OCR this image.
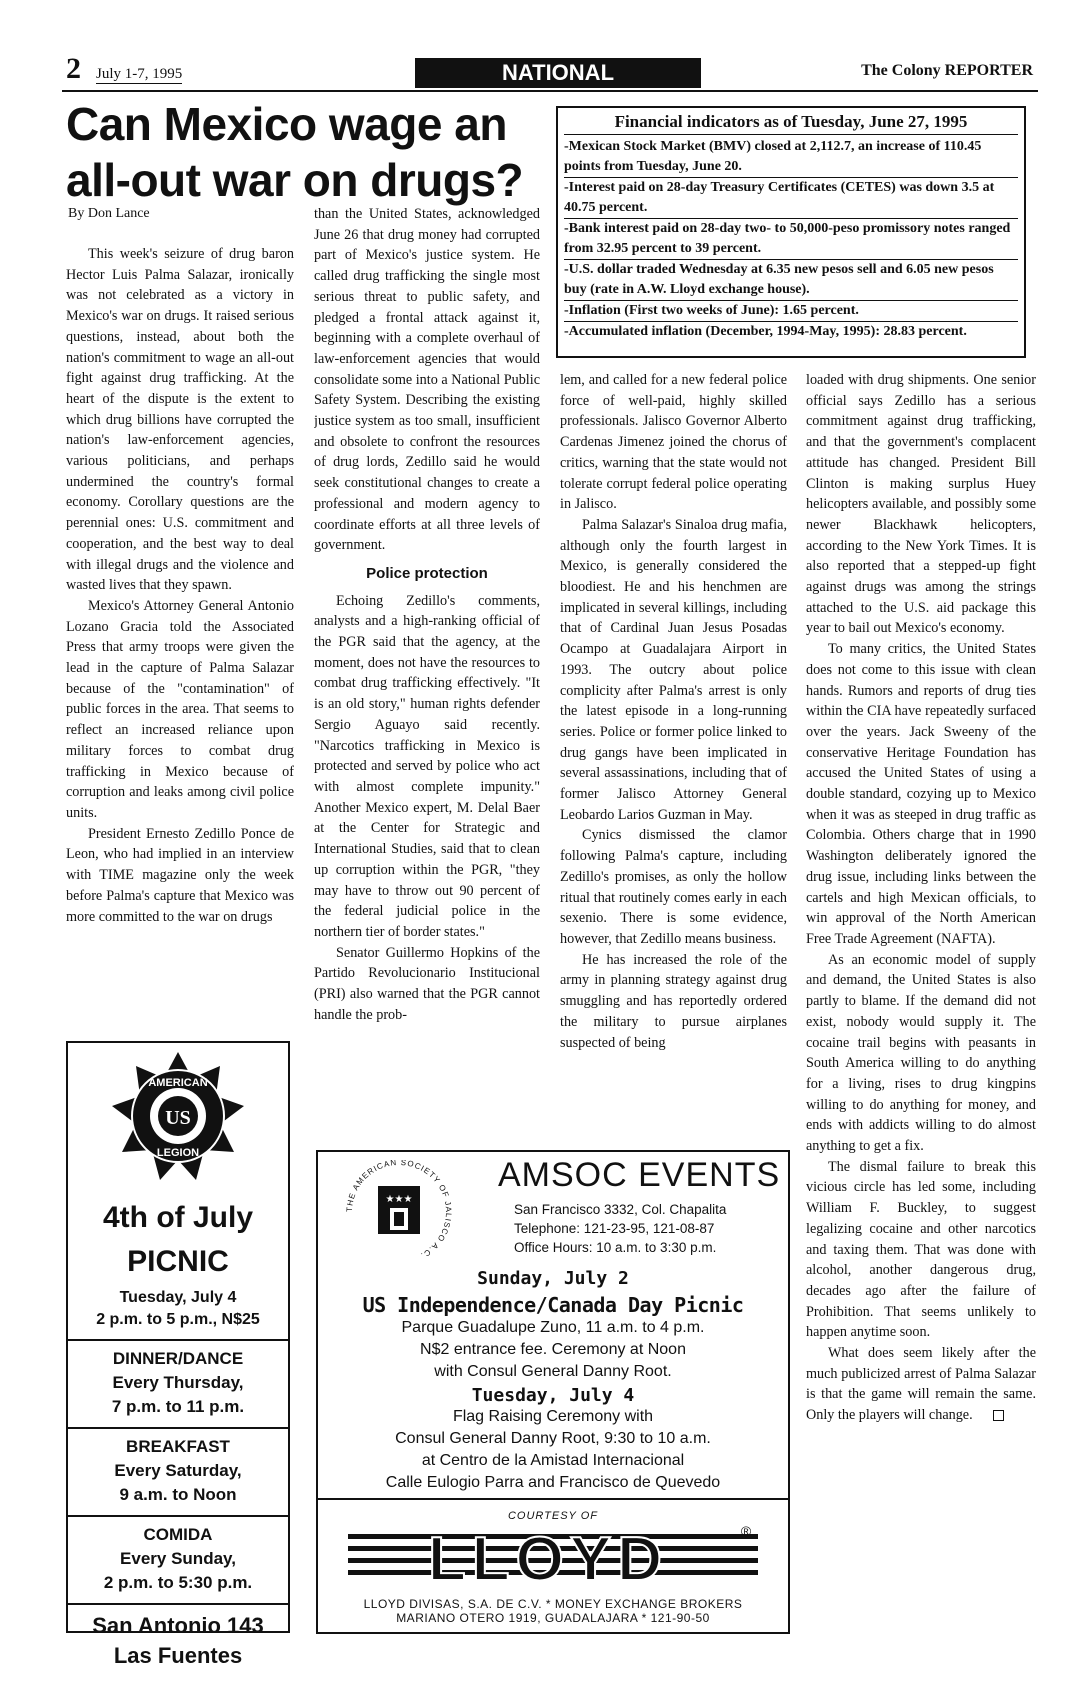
2 July 1-7, 1995	NATIONAL	The Colony REPORTER
Can Mexico wage an all-out war on drugs?
By Don Lance

This week's seizure of drug baron Hector Luis Palma Salazar, ironically was not celebrated as a victory in Mexico's war on drugs. It raised serious questions, instead, about both the nation's commitment to wage an all-out fight against drug trafficking. At the heart of the dispute is the extent to which drug billions have corrupted the nation's law-enforcement agencies, various politicians, and perhaps undermined the country's formal economy. Corollary questions are the perennial ones: U.S. commitment and cooperation, and the best way to deal with illegal drugs and the violence and wasted lives that they spawn.

Mexico's Attorney General Antonio Lozano Gracia told the Associated Press that army troops were given the lead in the capture of Palma Salazar because of the "contamination" of public forces in the area. That seems to reflect an increased reliance upon military forces to combat drug trafficking in Mexico because of corruption and leaks among civil police units.

President Ernesto Zedillo Ponce de Leon, who had implied in an interview with TIME magazine only the week before Palma's capture that Mexico was more committed to the war on drugs

than the United States, acknowledged June 26 that drug money had corrupted part of Mexico's justice system. He called drug trafficking the single most serious threat to public safety, and pledged a frontal attack against it, beginning with a complete overhaul of law-enforcement agencies that would consolidate some into a National Public Safety System. Describing the existing justice system as too small, insufficient and obsolete to confront the resources of drug lords, Zedillo said he would seek constitutional changes to create a professional and modern agency to coordinate efforts at all three levels of government.

Police protection

Echoing Zedillo's comments, analysts and a high-ranking official of the PGR said that the agency, at the moment, does not have the resources to combat drug trafficking effectively. "It is an old story," human rights defender Sergio Aguayo said recently. "Narcotics trafficking in Mexico is protected and served by police who act with almost complete impunity." Another Mexico expert, M. Delal Baer at the Center for Strategic and International Studies, said that to clean up corruption within the PGR, "they may have to throw out 90 percent of the federal judicial police in the northern tier of border states."

Senator Guillermo Hopkins of the Partido Revolucionario Institucional (PRI) also warned that the PGR cannot handle the prob-

Financial indicators as of Tuesday, June 27, 1995
-Mexican Stock Market (BMV) closed at 2,112.7, an increase of 110.45 points from Tuesday, June 20.
-Interest paid on 28-day Treasury Certificates (CETES) was down 3.5 at 40.75 percent.
-Bank interest paid on 28-day two- to 50,000-peso promissory notes ranged from 32.95 percent to 39 percent.
-U.S. dollar traded Wednesday at 6.35 new pesos sell and 6.05 new pesos buy (rate in A.W. Lloyd exchange house).
-Inflation (First two weeks of June): 1.65 percent.
-Accumulated inflation (December, 1994-May, 1995): 28.83 percent.

lem, and called for a new federal police force of well-paid, highly skilled professionals. Jalisco Governor Alberto Cardenas Jimenez joined the chorus of critics, warning that the state would not tolerate corrupt federal police operating in Jalisco.

Palma Salazar's Sinaloa drug mafia, although only the fourth largest in Mexico, is generally considered the bloodiest. He and his henchmen are implicated in several killings, including that of Cardinal Juan Jesus Posadas Ocampo at Guadalajara Airport in 1993. The outcry about police complicity after Palma's arrest is only the latest episode in a long-running series. Police or former police linked to drug gangs have been implicated in several assassinations, including that of former Jalisco Attorney General Leobardo Larios Guzman in May.

Cynics dismissed the clamor following Palma's capture, including Zedillo's promises, as only the hollow ritual that routinely comes early in each sexenio. There is some evidence, however, that Zedillo means business.

He has increased the role of the army in planning strategy against drug smuggling and has reportedly ordered the military to pursue airplanes suspected of being

loaded with drug shipments. One senior official says Zedillo has a serious commitment against drug trafficking, and that the government's complacent attitude has changed. President Bill Clinton is making surplus Huey helicopters available, and possibly some newer Blackhawk helicopters, according to the New York Times. It is also reported that a stepped-up fight against drugs was among the strings attached to the U.S. aid package this year to bail out Mexico's economy.

To many critics, the United States does not come to this issue with clean hands. Rumors and reports of drug ties within the CIA have repeatedly surfaced over the years. Jack Sweeny of the conservative Heritage Foundation has accused the United States of using a double standard, cozying up to Mexico when it was as steeped in drug traffic as Colombia. Others charge that in 1990 Washington deliberately ignored the drug issue, including links between the cartels and high Mexican officials, to win approval of the North American Free Trade Agreement (NAFTA).

As an economic model of supply and demand, the United States is also partly to blame. If the demand did not exist, nobody would supply it. The cocaine trail begins with peasants in South America willing to do anything for a living, rises to drug kingpins willing to do anything for money, and ends with addicts willing to do almost anything to get a fix.

The dismal failure to break this vicious circle has led some, including William F. Buckley, to suggest legalizing cocaine and other narcotics and taxing them. That was done with alcohol, another dangerous drug, decades ago after the failure of Prohibition. That seems unlikely to happen anytime soon.

What does seem likely after the much publicized arrest of Palma Salazar is that the game will remain the same. Only the players will change.

US
AMERICAN
LEGION
4th of July
PICNIC
Tuesday, July 4
2 p.m. to 5 p.m., N$25
DINNER/DANCE
Every Thursday,
7 p.m. to 11 p.m.
BREAKFAST
Every Saturday,
9 a.m. to Noon
COMIDA
Every Sunday,
2 p.m. to 5:30 p.m.
San Antonio 143
Las Fuentes
THE AMERICAN SOCIETY OF JALISCO A.C.
★★★
AMSOC EVENTS
San Francisco 3332, Col. Chapalita
Telephone: 121-23-95, 121-08-87
Office Hours: 10 a.m. to 3:30 p.m.
Sunday, July 2
US Independence/Canada Day Picnic
Parque Guadalupe Zuno, 11 a.m. to 4 p.m.
N$2 entrance fee. Ceremony at Noon
with Consul General Danny Root.
Tuesday, July 4
Flag Raising Ceremony with
Consul General Danny Root, 9:30 to 10 a.m.
at Centro de la Amistad Internacional
Calle Eulogio Parra and Francisco de Quevedo
COURTESY OF
LLOYD	®
LLOYD DIVISAS, S.A. DE C.V. * MONEY EXCHANGE BROKERS
MARIANO OTERO 1919, GUADALAJARA * 121-90-50
